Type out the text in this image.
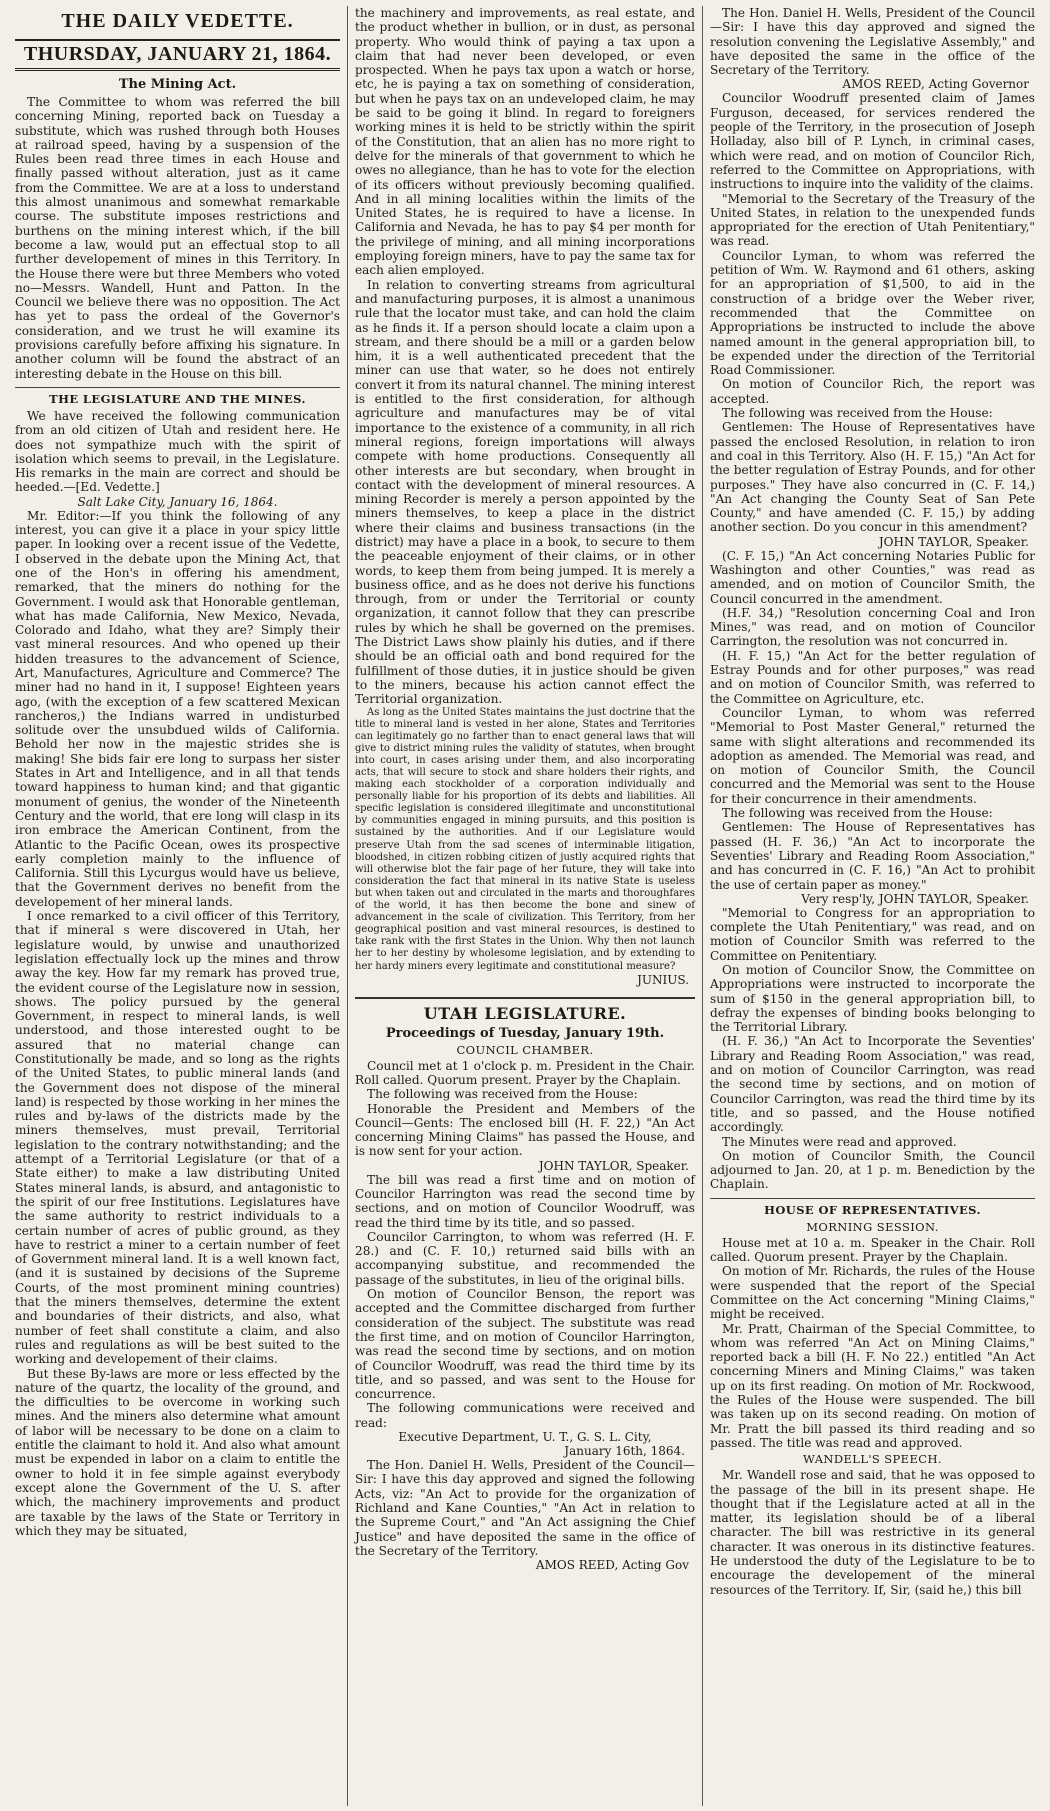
THE DAILY VEDETTE.
THURSDAY, JANUARY 21, 1864.
The Mining Act.

The Committee to whom was referred the bill concerning Mining, reported back on Tuesday a substitute, which was rushed through both Houses at railroad speed, having by a suspension of the Rules been read three times in each House and finally passed without alteration, just as it came from the Committee. We are at a loss to understand this almost unanimous and somewhat remarkable course. The substitute imposes restrictions and burthens on the mining interest which, if the bill become a law, would put an effectual stop to all further developement of mines in this Territory. In the House there were but three Members who voted no—Messrs. Wandell, Hunt and Patton. In the Council we believe there was no opposition. The Act has yet to pass the ordeal of the Governor's consideration, and we trust he will examine its provisions carefully before affixing his signature. In another column will be found the abstract of an interesting debate in the House on this bill.

THE LEGISLATURE AND THE MINES.

We have received the following communication from an old citizen of Utah and resident here. He does not sympathize much with the spirit of isolation which seems to prevail, in the Legislature. His remarks in the main are correct and should be heeded.—[Ed. Vedette.]

Salt Lake City, January 16, 1864.

Mr. Editor:—If you think the following of any interest, you can give it a place in your spicy little paper. In looking over a recent issue of the Vedette, I observed in the debate upon the Mining Act, that one of the Hon's in offering his amendment, remarked, that the miners do nothing for the Government. I would ask that Honorable gentleman, what has made California, New Mexico, Nevada, Colorado and Idaho, what they are? Simply their vast mineral resources. And who opened up their hidden treasures to the advancement of Science, Art, Manufactures, Agriculture and Commerce? The miner had no hand in it, I suppose! Eighteen years ago, (with the exception of a few scattered Mexican rancheros,) the Indians warred in undisturbed solitude over the unsubdued wilds of California. Behold her now in the majestic strides she is making! She bids fair ere long to surpass her sister States in Art and Intelligence, and in all that tends toward happiness to human kind; and that gigantic monument of genius, the wonder of the Nineteenth Century and the world, that ere long will clasp in its iron embrace the American Continent, from the Atlantic to the Pacific Ocean, owes its prospective early completion mainly to the influence of California. Still this Lycurgus would have us believe, that the Government derives no benefit from the developement of her mineral lands.

I once remarked to a civil officer of this Territory, that if mineral s were discovered in Utah, her legislature would, by unwise and unauthorized legislation effectually lock up the mines and throw away the key. How far my remark has proved true, the evident course of the Legislature now in session, shows. The policy pursued by the general Government, in respect to mineral lands, is well understood, and those interested ought to be assured that no material change can Constitutionally be made, and so long as the rights of the United States, to public mineral lands (and the Government does not dispose of the mineral land) is respected by those working in her mines the rules and by-laws of the districts made by the miners themselves, must prevail, Territorial legislation to the contrary notwithstanding; and the attempt of a Territorial Legislature (or that of a State either) to make a law distributing United States mineral lands, is absurd, and antagonistic to the spirit of our free Institutions. Legislatures have the same authority to restrict individuals to a certain number of acres of public ground, as they have to restrict a miner to a certain number of feet of Government mineral land. It is a well known fact, (and it is sustained by decisions of the Supreme Courts, of the most prominent mining countries) that the miners themselves, determine the extent and boundaries of their districts, and also, what number of feet shall constitute a claim, and also rules and regulations as will be best suited to the working and developement of their claims.

But these By-laws are more or less effected by the nature of the quartz, the locality of the ground, and the difficulties to be overcome in working such mines. And the miners also determine what amount of labor will be necessary to be done on a claim to entitle the claimant to hold it. And also what amount must be expended in labor on a claim to entitle the owner to hold it in fee simple against everybody except alone the Government of the U. S. after which, the machinery improvements and product are taxable by the laws of the State or Territory in which they may be situated,

the machinery and improvements, as real estate, and the product whether in bullion, or in dust, as personal property. Who would think of paying a tax upon a claim that had never been developed, or even prospected. When he pays tax upon a watch or horse, etc, he is paying a tax on something of consideration, but when he pays tax on an undeveloped claim, he may be said to be going it blind. In regard to foreigners working mines it is held to be strictly within the spirit of the Constitution, that an alien has no more right to delve for the minerals of that government to which he owes no allegiance, than he has to vote for the election of its officers without previously becoming qualified. And in all mining localities within the limits of the United States, he is required to have a license. In California and Nevada, he has to pay $4 per month for the privilege of mining, and all mining incorporations employing foreign miners, have to pay the same tax for each alien employed.

In relation to converting streams from agricultural and manufacturing purposes, it is almost a unanimous rule that the locator must take, and can hold the claim as he finds it. If a person should locate a claim upon a stream, and there should be a mill or a garden below him, it is a well authenticated precedent that the miner can use that water, so he does not entirely convert it from its natural channel. The mining interest is entitled to the first consideration, for although agriculture and manufactures may be of vital importance to the existence of a community, in all rich mineral regions, foreign importations will always compete with home productions. Consequently all other interests are but secondary, when brought in contact with the development of mineral resources. A mining Recorder is merely a person appointed by the miners themselves, to keep a place in the district where their claims and business transactions (in the district) may have a place in a book, to secure to them the peaceable enjoyment of their claims, or in other words, to keep them from being jumped. It is merely a business office, and as he does not derive his functions through, from or under the Territorial or county organization, it cannot follow that they can prescribe rules by which he shall be governed on the premises. The District Laws show plainly his duties, and if there should be an official oath and bond required for the fulfillment of those duties, it in justice should be given to the miners, because his action cannot effect the Territorial organization.

As long as the United States maintains the just doctrine that the title to mineral land is vested in her alone, States and Territories can legitimately go no farther than to enact general laws that will give to district mining rules the validity of statutes, when brought into court, in cases arising under them, and also incorporating acts, that will secure to stock and share holders their rights, and making each stockholder of a corporation individually and personally liable for his proportion of its debts and liabilities. All specific legislation is considered illegitimate and unconstitutional by communities engaged in mining pursuits, and this position is sustained by the authorities. And if our Legislature would preserve Utah from the sad scenes of interminable litigation, bloodshed, in citizen robbing citizen of justly acquired rights that will otherwise blot the fair page of her future, they will take into consideration the fact that mineral in its native State is useless but when taken out and circulated in the marts and thoroughfares of the world, it has then become the bone and sinew of advancement in the scale of civilization. This Territory, from her geographical position and vast mineral resources, is destined to take rank with the first States in the Union. Why then not launch her to her destiny by wholesome legislation, and by extending to her hardy miners every legitimate and constitutional measure?

JUNIUS.
UTAH LEGISLATURE.
Proceedings of Tuesday, January 19th.
COUNCIL CHAMBER.

Council met at 1 o'clock p. m. President in the Chair. Roll called. Quorum present. Prayer by the Chaplain.

The following was received from the House:

Honorable the President and Members of the Council—Gents: The enclosed bill (H. F. 22,) "An Act concerning Mining Claims" has passed the House, and is now sent for your action.

JOHN TAYLOR, Speaker.

The bill was read a first time and on motion of Councilor Harrington was read the second time by sections, and on motion of Councilor Woodruff, was read the third time by its title, and so passed.

Councilor Carrington, to whom was referred (H. F. 28.) and (C. F. 10,) returned said bills with an accompanying substitue, and recommended the passage of the substitutes, in lieu of the original bills.

On motion of Councilor Benson, the report was accepted and the Committee discharged from further consideration of the subject. The substitute was read the first time, and on motion of Councilor Harrington, was read the second time by sections, and on motion of Councilor Woodruff, was read the third time by its title, and so passed, and was sent to the House for concurrence.

The following communications were received and read:

Executive Department, U. T., G. S. L. City,
January 16th, 1864.

The Hon. Daniel H. Wells, President of the Council—Sir: I have this day approved and signed the following Acts, viz: "An Act to provide for the organization of Richland and Kane Counties," "An Act in relation to the Supreme Court," and "An Act assigning the Chief Justice" and have deposited the same in the office of the Secretary of the Territory.

AMOS REED, Acting Gov

The Hon. Daniel H. Wells, President of the Council—Sir: I have this day approved and signed the resolution convening the Legislative Assembly," and have deposited the same in the office of the Secretary of the Territory.

AMOS REED, Acting Governor

Councilor Woodruff presented claim of James Furguson, deceased, for services rendered the people of the Territory, in the prosecution of Joseph Holladay, also bill of P. Lynch, in criminal cases, which were read, and on motion of Councilor Rich, referred to the Committee on Appropriations, with instructions to inquire into the validity of the claims.

"Memorial to the Secretary of the Treasury of the United States, in relation to the unexpended funds appropriated for the erection of Utah Penitentiary," was read.

Councilor Lyman, to whom was referred the petition of Wm. W. Raymond and 61 others, asking for an appropriation of $1,500, to aid in the construction of a bridge over the Weber river, recommended that the Committee on Appropriations be instructed to include the above named amount in the general appropriation bill, to be expended under the direction of the Territorial Road Commissioner.

On motion of Councilor Rich, the report was accepted.

The following was received from the House:

Gentlemen: The House of Representatives have passed the enclosed Resolution, in relation to iron and coal in this Territory. Also (H. F. 15,) "An Act for the better regulation of Estray Pounds, and for other purposes." They have also concurred in (C. F. 14,) "An Act changing the County Seat of San Pete County," and have amended (C. F. 15,) by adding another section. Do you concur in this amendment?

JOHN TAYLOR, Speaker.

(C. F. 15,) "An Act concerning Notaries Public for Washington and other Counties," was read as amended, and on motion of Councilor Smith, the Council concurred in the amendment.

(H.F. 34,) "Resolution concerning Coal and Iron Mines," was read, and on motion of Councilor Carrington, the resolution was not concurred in.

(H. F. 15,) "An Act for the better regulation of Estray Pounds and for other purposes," was read and on motion of Councilor Smith, was referred to the Committee on Agriculture, etc.

Councilor Lyman, to whom was referred "Memorial to Post Master General," returned the same with slight alterations and recommended its adoption as amended. The Memorial was read, and on motion of Councilor Smith, the Council concurred and the Memorial was sent to the House for their concurrence in their amendments.

The following was received from the House:

Gentlemen: The House of Representatives has passed (H. F. 36,) "An Act to incorporate the Seventies' Library and Reading Room Association," and has concurred in (C. F. 16,) "An Act to prohibit the use of certain paper as money."

Very resp'ly, JOHN TAYLOR, Speaker.

"Memorial to Congress for an appropriation to complete the Utah Penitentiary," was read, and on motion of Councilor Smith was referred to the Committee on Penitentiary.

On motion of Councilor Snow, the Committee on Appropriations were instructed to incorporate the sum of $150 in the general appropriation bill, to defray the expenses of binding books belonging to the Territorial Library.

(H. F. 36,) "An Act to Incorporate the Seventies' Library and Reading Room Association," was read, and on motion of Councilor Carrington, was read the second time by sections, and on motion of Councilor Carrington, was read the third time by its title, and so passed, and the House notified accordingly.

The Minutes were read and approved.

On motion of Councilor Smith, the Council adjourned to Jan. 20, at 1 p. m. Benediction by the Chaplain.

HOUSE OF REPRESENTATIVES.
MORNING SESSION.

House met at 10 a. m. Speaker in the Chair. Roll called. Quorum present. Prayer by the Chaplain.

On motion of Mr. Richards, the rules of the House were suspended that the report of the Special Committee on the Act concerning "Mining Claims," might be received.

Mr. Pratt, Chairman of the Special Committee, to whom was referred "An Act on Mining Claims," reported back a bill (H. F. No 22.) entitled "An Act concerning Miners and Mining Claims," was taken up on its first reading. On motion of Mr. Rockwood, the Rules of the House were suspended. The bill was taken up on its second reading. On motion of Mr. Pratt the bill passed its third reading and so passed. The title was read and approved.

WANDELL'S SPEECH.

Mr. Wandell rose and said, that he was opposed to the passage of the bill in its present shape. He thought that if the Legislature acted at all in the matter, its legislation should be of a liberal character. The bill was restrictive in its general character. It was onerous in its distinctive features. He understood the duty of the Legislature to be to encourage the developement of the mineral resources of the Territory. If, Sir, (said he,) this bill
